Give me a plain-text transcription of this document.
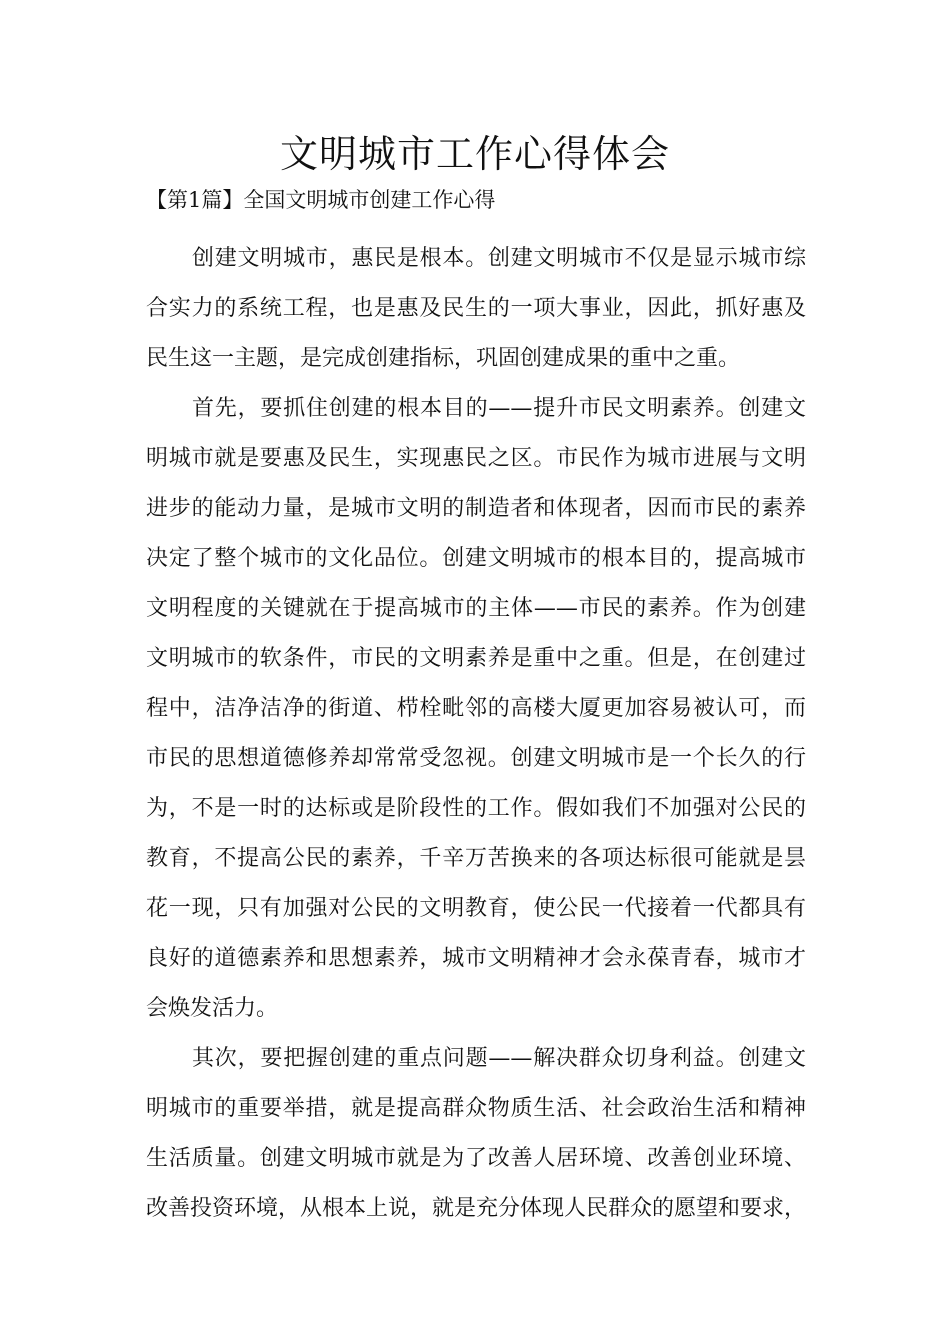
文明城市工作心得体会

【第1篇】全国文明城市创建工作心得

创建文明城市，惠民是根本。创建文明城市不仅是显示城市综
合实力的系统工程，也是惠及民生的一项大事业，因此，抓好惠及
民生这一主题，是完成创建指标，巩固创建成果的重中之重。
首先，要抓住创建的根本目的——提升市民文明素养。创建文
明城市就是要惠及民生，实现惠民之区。市民作为城市进展与文明
进步的能动力量，是城市文明的制造者和体现者，因而市民的素养
决定了整个城市的文化品位。创建文明城市的根本目的，提高城市
文明程度的关键就在于提高城市的主体——市民的素养。作为创建
文明城市的软条件，市民的文明素养是重中之重。但是，在创建过
程中，洁净洁净的街道、栉栓毗邻的高楼大厦更加容易被认可，而
市民的思想道德修养却常常受忽视。创建文明城市是一个长久的行
为，不是一时的达标或是阶段性的工作。假如我们不加强对公民的
教育，不提高公民的素养，千辛万苦换来的各项达标很可能就是昙
花一现，只有加强对公民的文明教育，使公民一代接着一代都具有
良好的道德素养和思想素养，城市文明精神才会永葆青春，城市才
会焕发活力。
其次，要把握创建的重点问题——解决群众切身利益。创建文
明城市的重要举措，就是提高群众物质生活、社会政治生活和精神
生活质量。创建文明城市就是为了改善人居环境、改善创业环境、
改善投资环境，从根本上说，就是充分体现人民群众的愿望和要求，
